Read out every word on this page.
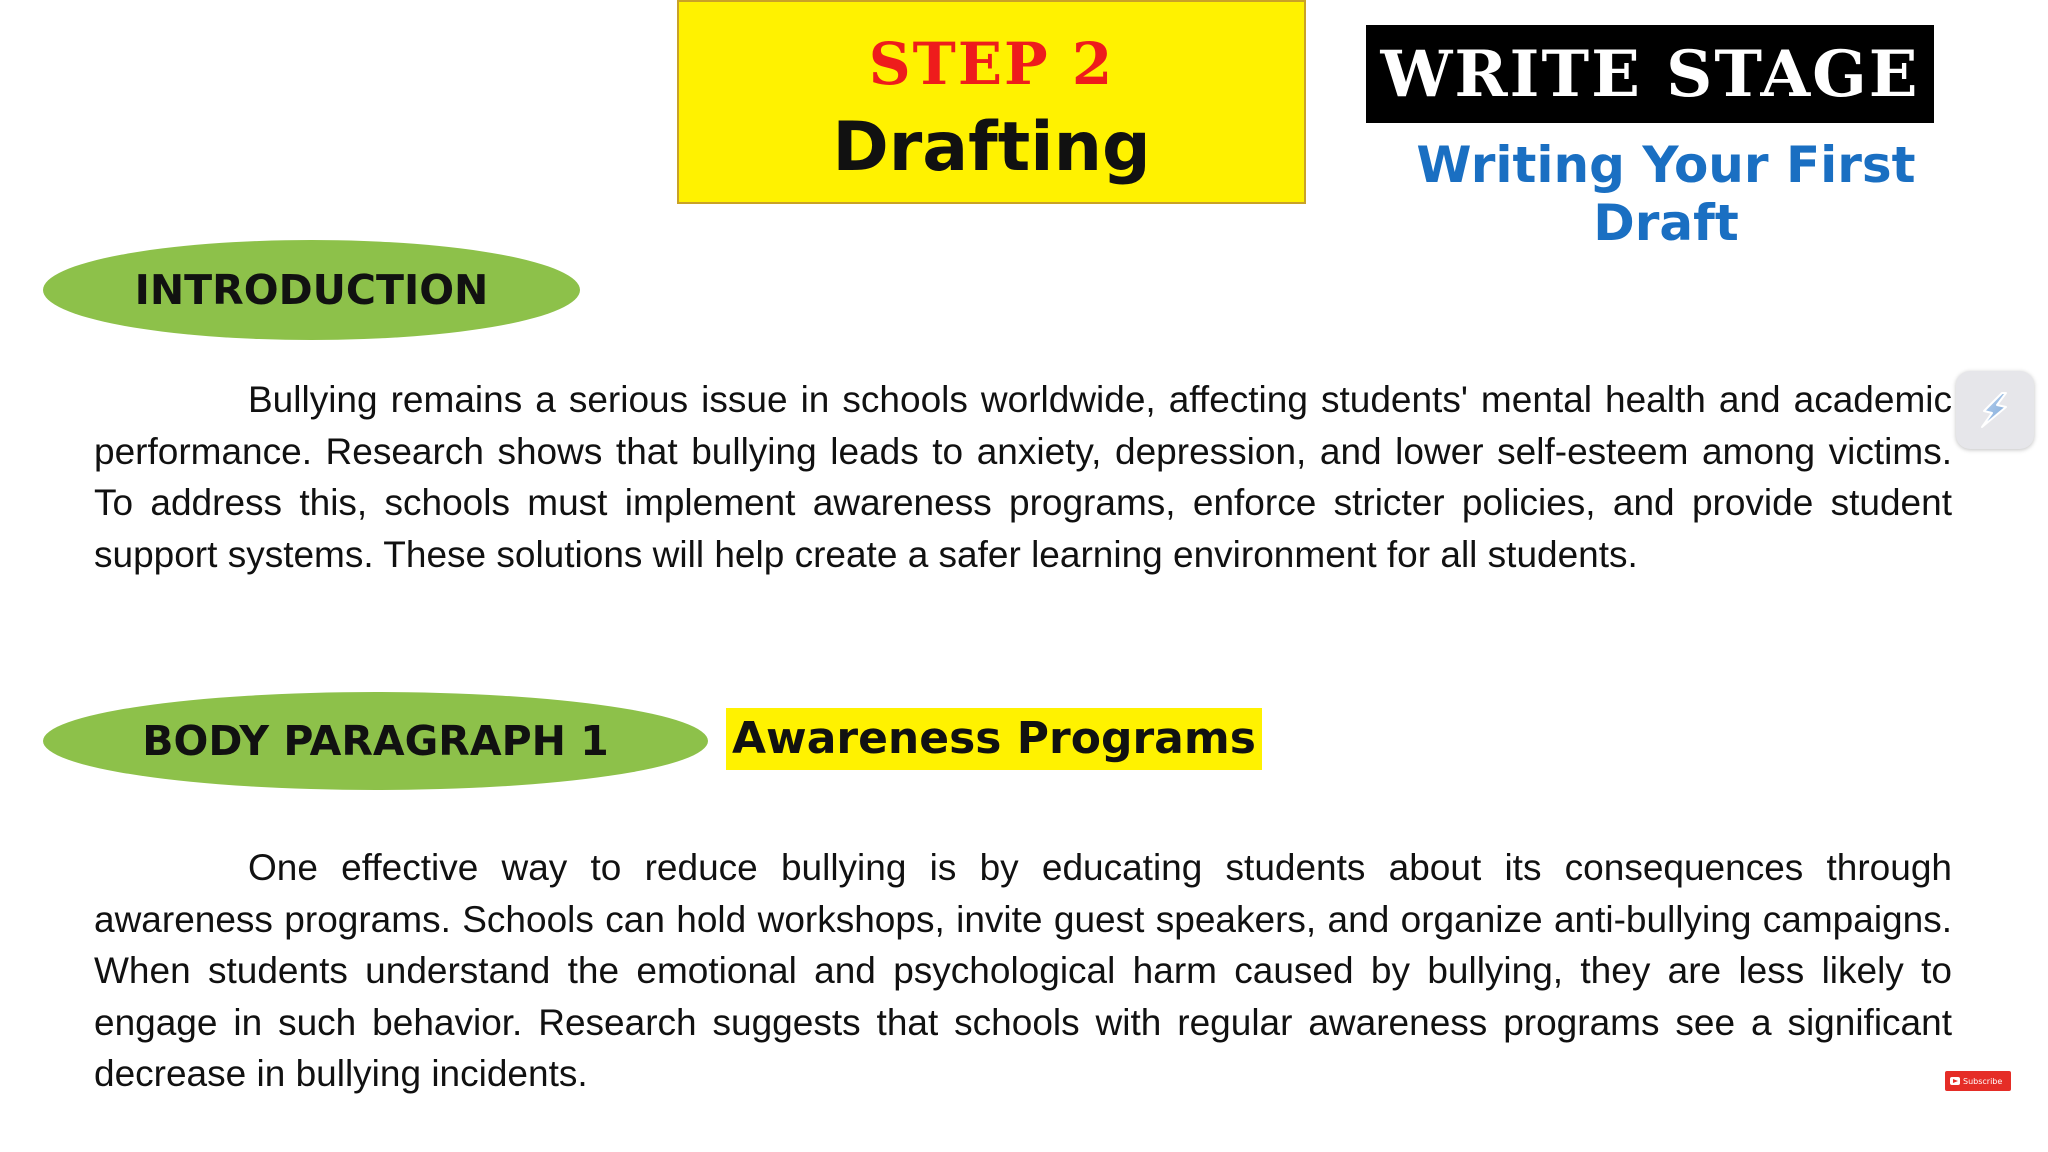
STEP 2
Drafting
WRITE STAGE
Writing Your First Draft
INTRODUCTION
Bullying remains a serious issue in schools worldwide, affecting students' mental health and academic performance. Research shows that bullying leads to anxiety, depression, and lower self-esteem among victims. To address this, schools must implement awareness programs, enforce stricter policies, and provide student support systems. These solutions will help create a safer learning environment for all students.
BODY PARAGRAPH 1	Awareness Programs
One effective way to reduce bullying is by educating students about its consequences through awareness programs. Schools can hold workshops, invite guest speakers, and organize anti-bullying campaigns. When students understand the emotional and psychological harm caused by bullying, they are less likely to engage in such behavior. Research suggests that schools with regular awareness programs see a significant decrease in bullying incidents.	Subscribe
